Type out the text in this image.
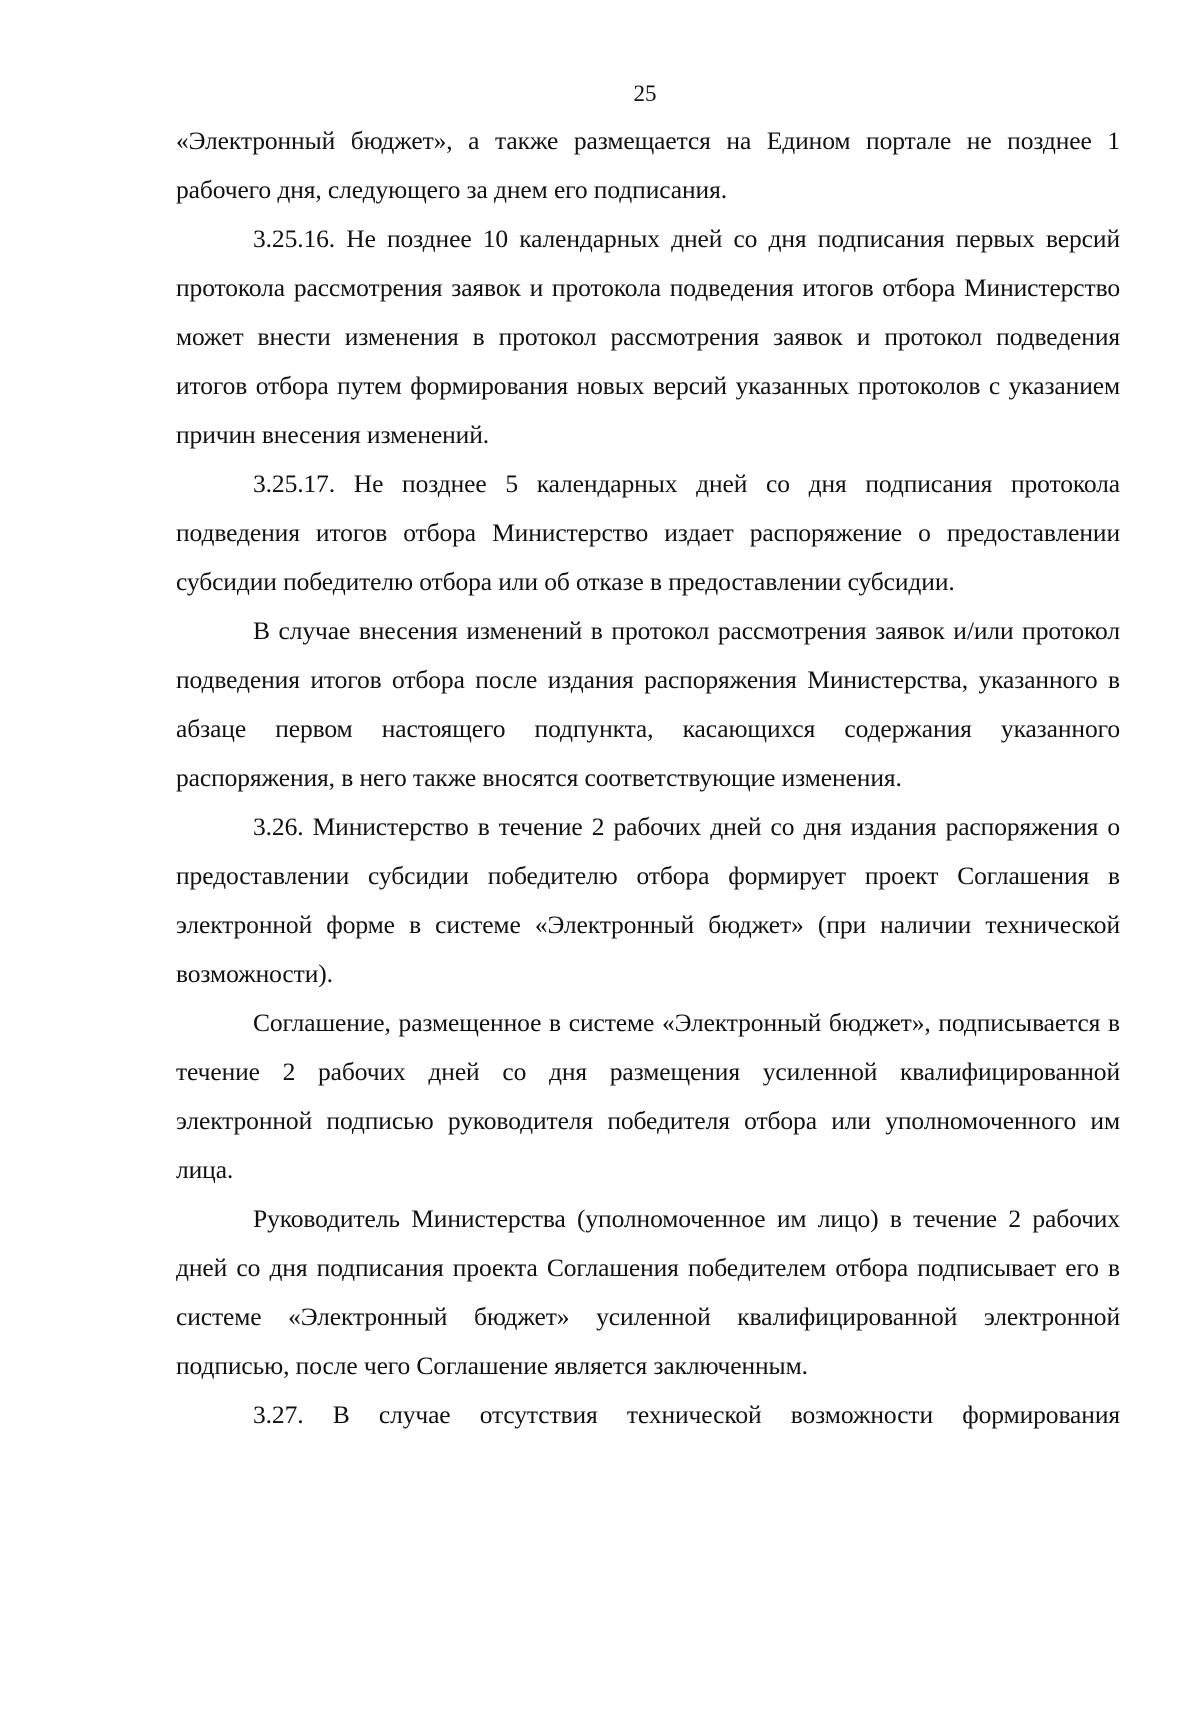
25

«Электронный бюджет», а также размещается на Едином портале не позднее 1 рабочего дня, следующего за днем его подписания.

3.25.16. Не позднее 10 календарных дней со дня подписания первых версий протокола рассмотрения заявок и протокола подведения итогов отбора Министерство может внести изменения в протокол рассмотрения заявок и протокол подведения итогов отбора путем формирования новых версий указанных протоколов с указанием причин внесения изменений.

3.25.17. Не позднее 5 календарных дней со дня подписания протокола подведения итогов отбора Министерство издает распоряжение о предоставлении субсидии победителю отбора или об отказе в предоставлении субсидии.

В случае внесения изменений в протокол рассмотрения заявок и/или протокол подведения итогов отбора после издания распоряжения Министерства, указанного в абзаце первом настоящего подпункта, касающихся содержания указанного распоряжения, в него также вносятся соответствующие изменения.

3.26. Министерство в течение 2 рабочих дней со дня издания распоряжения о предоставлении субсидии победителю отбора формирует проект Соглашения в электронной форме в системе «Электронный бюджет» (при наличии технической возможности).

Соглашение, размещенное в системе «Электронный бюджет», подписывается в течение 2 рабочих дней со дня размещения усиленной квалифицированной электронной подписью руководителя победителя отбора или уполномоченного им лица.

Руководитель Министерства (уполномоченное им лицо) в течение 2 рабочих дней со дня подписания проекта Соглашения победителем отбора подписывает его в системе «Электронный бюджет» усиленной квалифицированной электронной подписью, после чего Соглашение является заключенным.

3.27. В случае отсутствия технической возможности формирования
